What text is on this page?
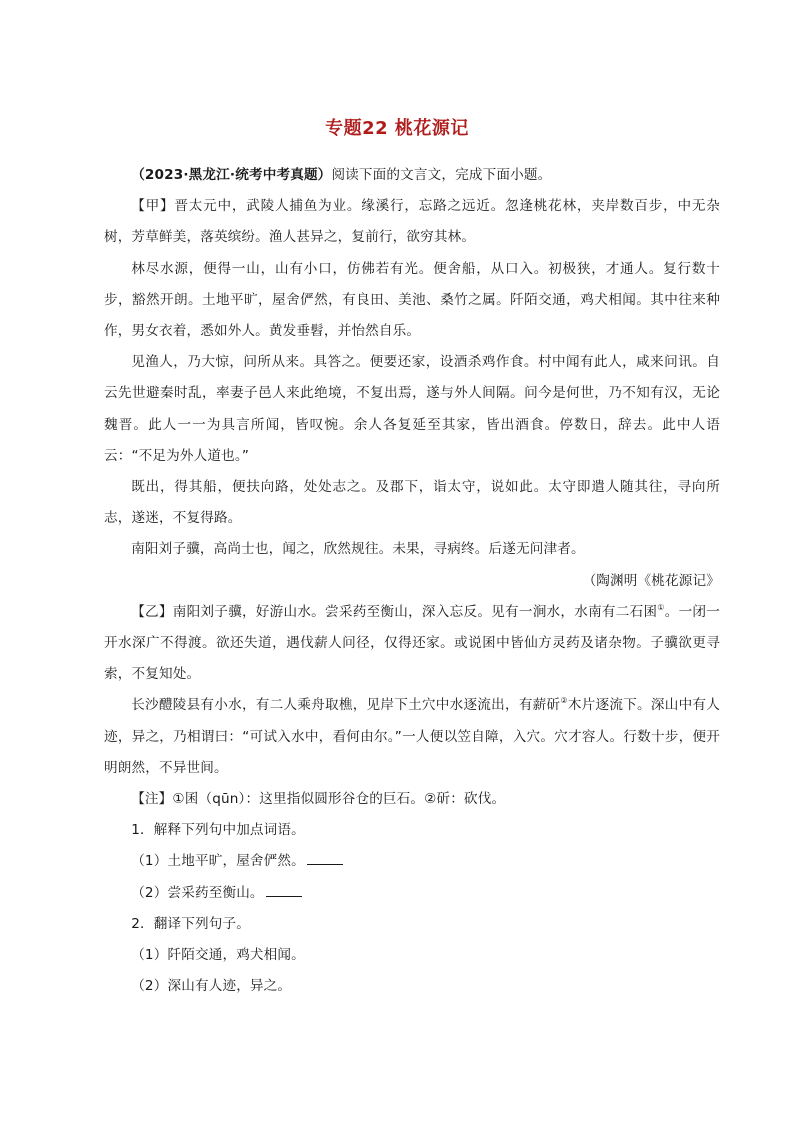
专题22 桃花源记

（2023·黑龙江·统考中考真题）阅读下面的文言文，完成下面小题。

【甲】晋太元中，武陵人捕鱼为业。缘溪行，忘路之远近。忽逢桃花林，夹岸数百步，中无杂树，芳草鲜美，落英缤纷。渔人甚异之，复前行，欲穷其林。

林尽水源，便得一山，山有小口，仿佛若有光。便舍船，从口入。初极狭，才通人。复行数十步，豁然开朗。土地平旷，屋舍俨然，有良田、美池、桑竹之属。阡陌交通，鸡犬相闻。其中往来种作，男女衣着，悉如外人。黄发垂髫，并怡然自乐。

见渔人，乃大惊，问所从来。具答之。便要还家，设酒杀鸡作食。村中闻有此人，咸来问讯。自云先世避秦时乱，率妻子邑人来此绝境，不复出焉，遂与外人间隔。问今是何世，乃不知有汉，无论魏晋。此人一一为具言所闻，皆叹惋。余人各复延至其家，皆出酒食。停数日，辞去。此中人语云：“不足为外人道也。”

既出，得其船，便扶向路，处处志之。及郡下，诣太守，说如此。太守即遣人随其往，寻向所志，遂迷，不复得路。

南阳刘子骥，高尚士也，闻之，欣然规往。未果，寻病终。后遂无问津者。

（陶渊明《桃花源记》

【乙】南阳刘子骥，好游山水。尝采药至衡山，深入忘反。见有一涧水，水南有二石囷①。一闭一开水深广不得渡。欲还失道，遇伐薪人问径，仅得还家。或说囷中皆仙方灵药及诸杂物。子骥欲更寻索，不复知处。

长沙醴陵县有小水，有二人乘舟取樵，见岸下土穴中水逐流出，有薪斫②木片逐流下。深山中有人迹，异之，乃相谓曰：“可试入水中，看何由尔。”一人便以笠自障，入穴。穴才容人。行数十步，便开明朗然，不异世间。

【注】①囷（qūn）：这里指似圆形谷仓的巨石。②斫：砍伐。

1．解释下列句中加点词语。

（1）土地平旷，屋舍俨然。

（2）尝采药至衡山。

2．翻译下列句子。

（1）阡陌交通，鸡犬相闻。

（2）深山有人迹，异之。
